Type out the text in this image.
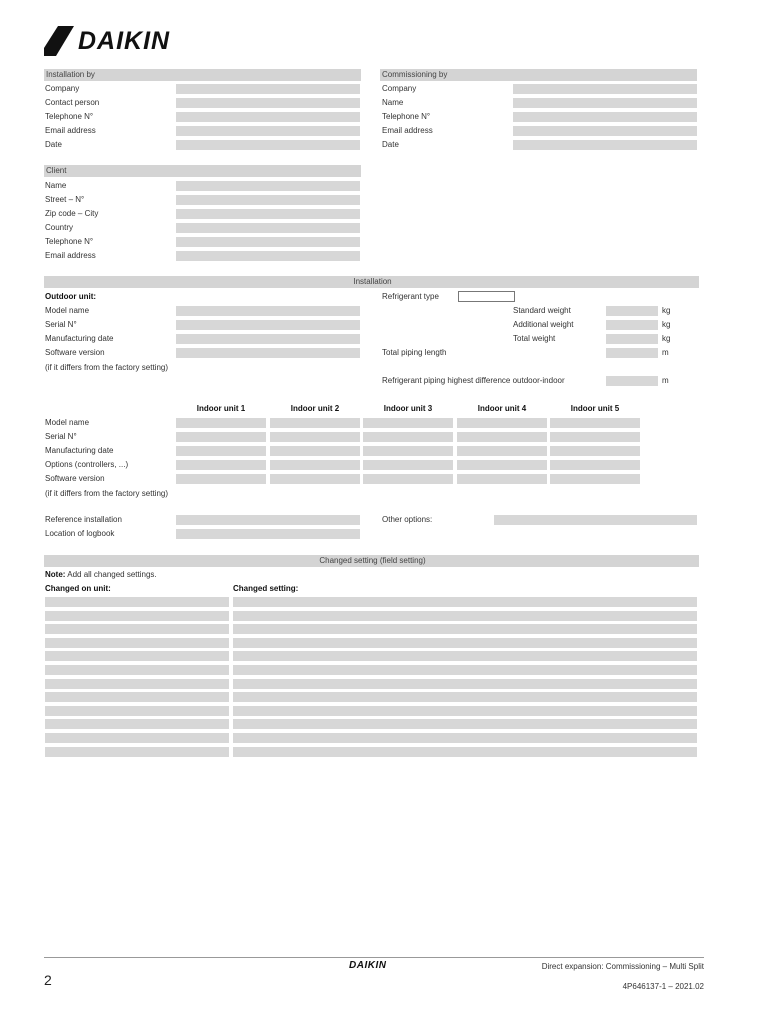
DAIKIN
Installation by
Company
Contact person
Telephone N°
Email address
Date
Commissioning by
Company
Name
Telephone N°
Email address
Date
Client
Name
Street – N°
Zip code – City
Country
Telephone N°
Email address
Installation
Outdoor unit:
Model name
Serial N°
Manufacturing date
Software version
(if it differs from the factory setting)
Refrigerant type
Standard weight	kg
Additional weight	kg
Total weight	kg
Total piping length	m
Refrigerant piping highest difference outdoor-indoor	m
Indoor unit 1	Indoor unit 2	Indoor unit 3	Indoor unit 4	Indoor unit 5
Model name
Serial N°
Manufacturing date
Options (controllers, ...)
Software version
(if it differs from the factory setting)
Reference installation
Location of logbook
Other options:
Changed setting (field setting)
Note: Add all changed settings.
Changed on unit:	Changed setting:
2
DAIKIN	Direct expansion: Commissioning – Multi Split
4P646137-1 – 2021.02
